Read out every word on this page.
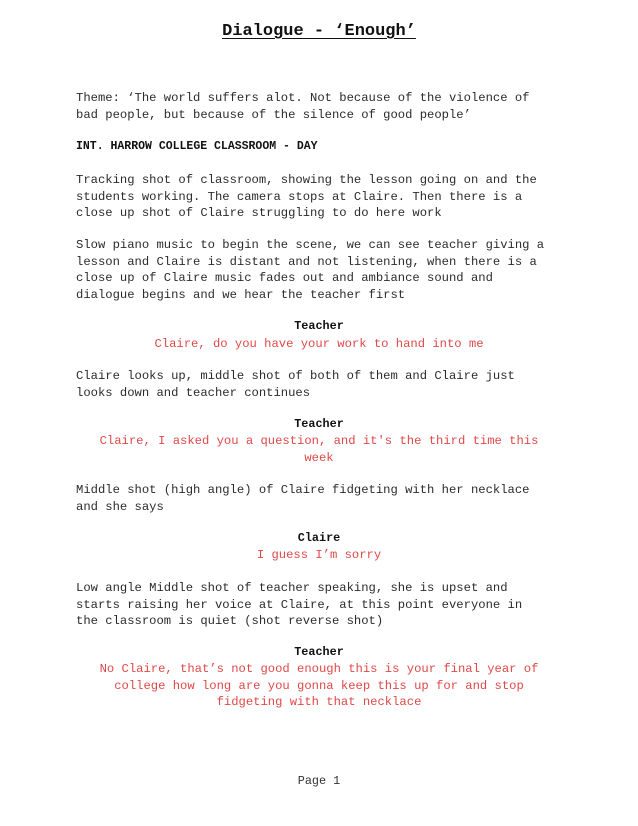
Dialogue - ‘Enough’
Theme: ‘The world suffers alot. Not because of the violence of
bad people, but because of the silence of good people’
INT. HARROW COLLEGE CLASSROOM - DAY
Tracking shot of classroom, showing the lesson going on and the
students working. The camera stops at Claire. Then there is a
close up shot of Claire struggling to do here work
Slow piano music to begin the scene, we can see teacher giving a
lesson and Claire is distant and not listening, when there is a
close up of Claire music fades out and ambiance sound and
dialogue begins and we hear the teacher first
Teacher
Claire, do you have your work to hand into me
Claire looks up, middle shot of both of them and Claire just
looks down and teacher continues
Teacher
Claire, I asked you a question, and it's the third time this
week
Middle shot (high angle) of Claire fidgeting with her necklace
and she says
Claire
I guess I’m sorry
Low angle Middle shot of teacher speaking, she is upset and
starts raising her voice at Claire, at this point everyone in
the classroom is quiet (shot reverse shot)
Teacher
No Claire, that’s not good enough this is your final year of
college how long are you gonna keep this up for and stop
fidgeting with that necklace
Page 1
